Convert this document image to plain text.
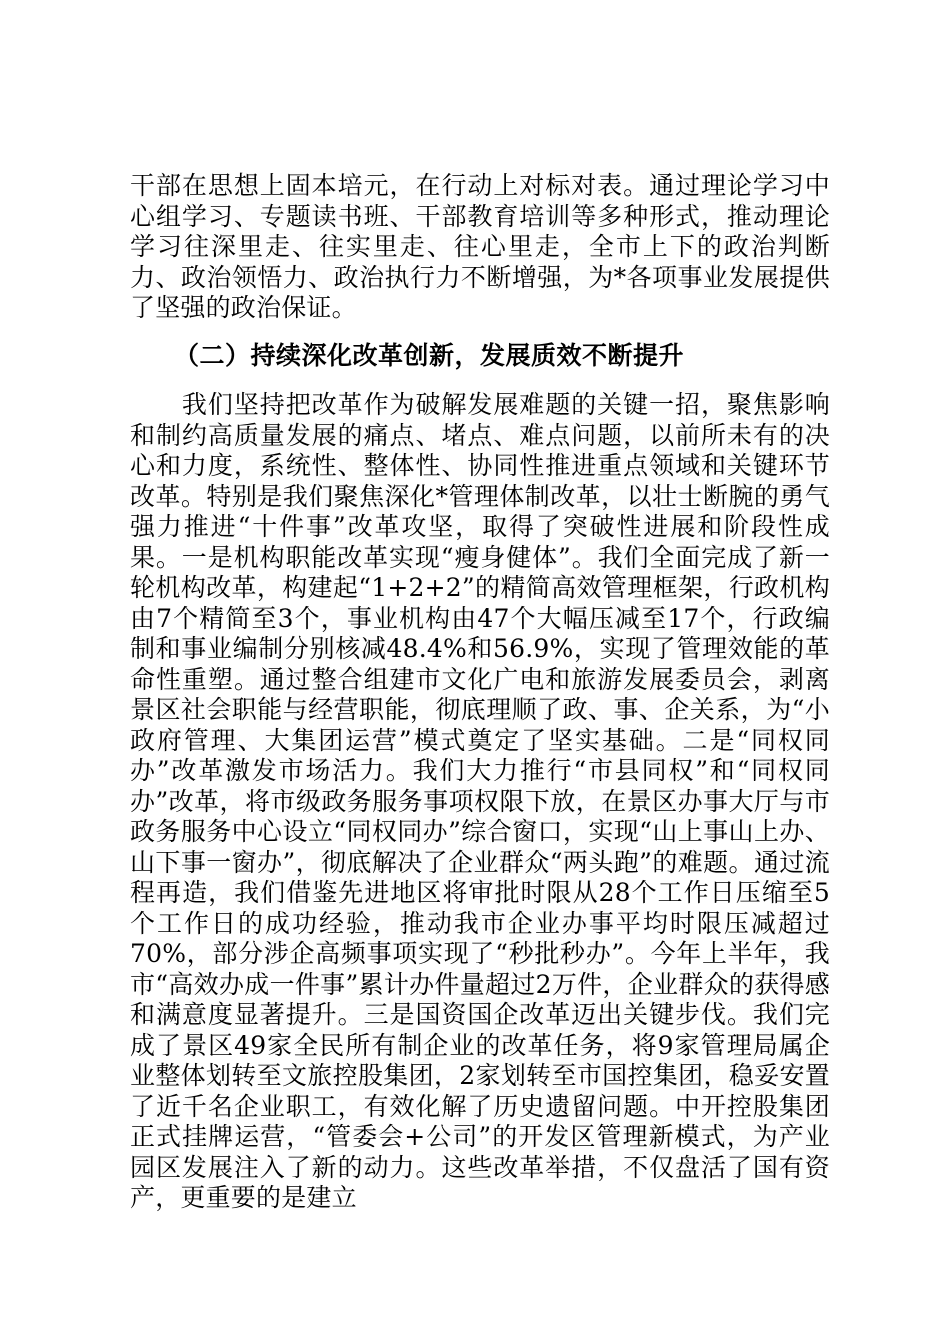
干部在思想上固本培元，在行动上对标对表。通过理论学习中心组学习、专题读书班、干部教育培训等多种形式，推动理论学习往深里走、往实里走、往心里走，全市上下的政治判断力、政治领悟力、政治执行力不断增强，为*各项事业发展提供了坚强的政治保证。
（二）持续深化改革创新，发展质效不断提升
　　我们坚持把改革作为破解发展难题的关键一招，聚焦影响和制约高质量发展的痛点、堵点、难点问题，以前所未有的决心和力度，系统性、整体性、协同性推进重点领域和关键环节改革。特别是我们聚焦深化*管理体制改革，以壮士断腕的勇气强力推进“十件事”改革攻坚，取得了突破性进展和阶段性成果。一是机构职能改革实现“瘦身健体”。我们全面完成了新一轮机构改革，构建起“1+2+2”的精简高效管理框架，行政机构由7个精简至3个，事业机构由47个大幅压减至17个，行政编制和事业编制分别核减48.4%和56.9%，实现了管理效能的革命性重塑。通过整合组建市文化广电和旅游发展委员会，剥离景区社会职能与经营职能，彻底理顺了政、事、企关系，为“小政府管理、大集团运营”模式奠定了坚实基础。二是“同权同办”改革激发市场活力。我们大力推行“市县同权”和“同权同办”改革，将市级政务服务事项权限下放，在景区办事大厅与市政务服务中心设立“同权同办”综合窗口，实现“山上事山上办、山下事一窗办”，彻底解决了企业群众“两头跑”的难题。通过流程再造，我们借鉴先进地区将审批时限从28个工作日压缩至5个工作日的成功经验，推动我市企业办事平均时限压减超过70%，部分涉企高频事项实现了“秒批秒办”。今年上半年，我市“高效办成一件事”累计办件量超过2万件，企业群众的获得感和满意度显著提升。三是国资国企改革迈出关键步伐。我们完成了景区49家全民所有制企业的改革任务，将9家管理局属企业整体划转至文旅控股集团，2家划转至市国控集团，稳妥安置了近千名企业职工，有效化解了历史遗留问题。中开控股集团正式挂牌运营，“管委会+公司”的开发区管理新模式，为产业园区发展注入了新的动力。这些改革举措，不仅盘活了国有资产，更重要的是建立
